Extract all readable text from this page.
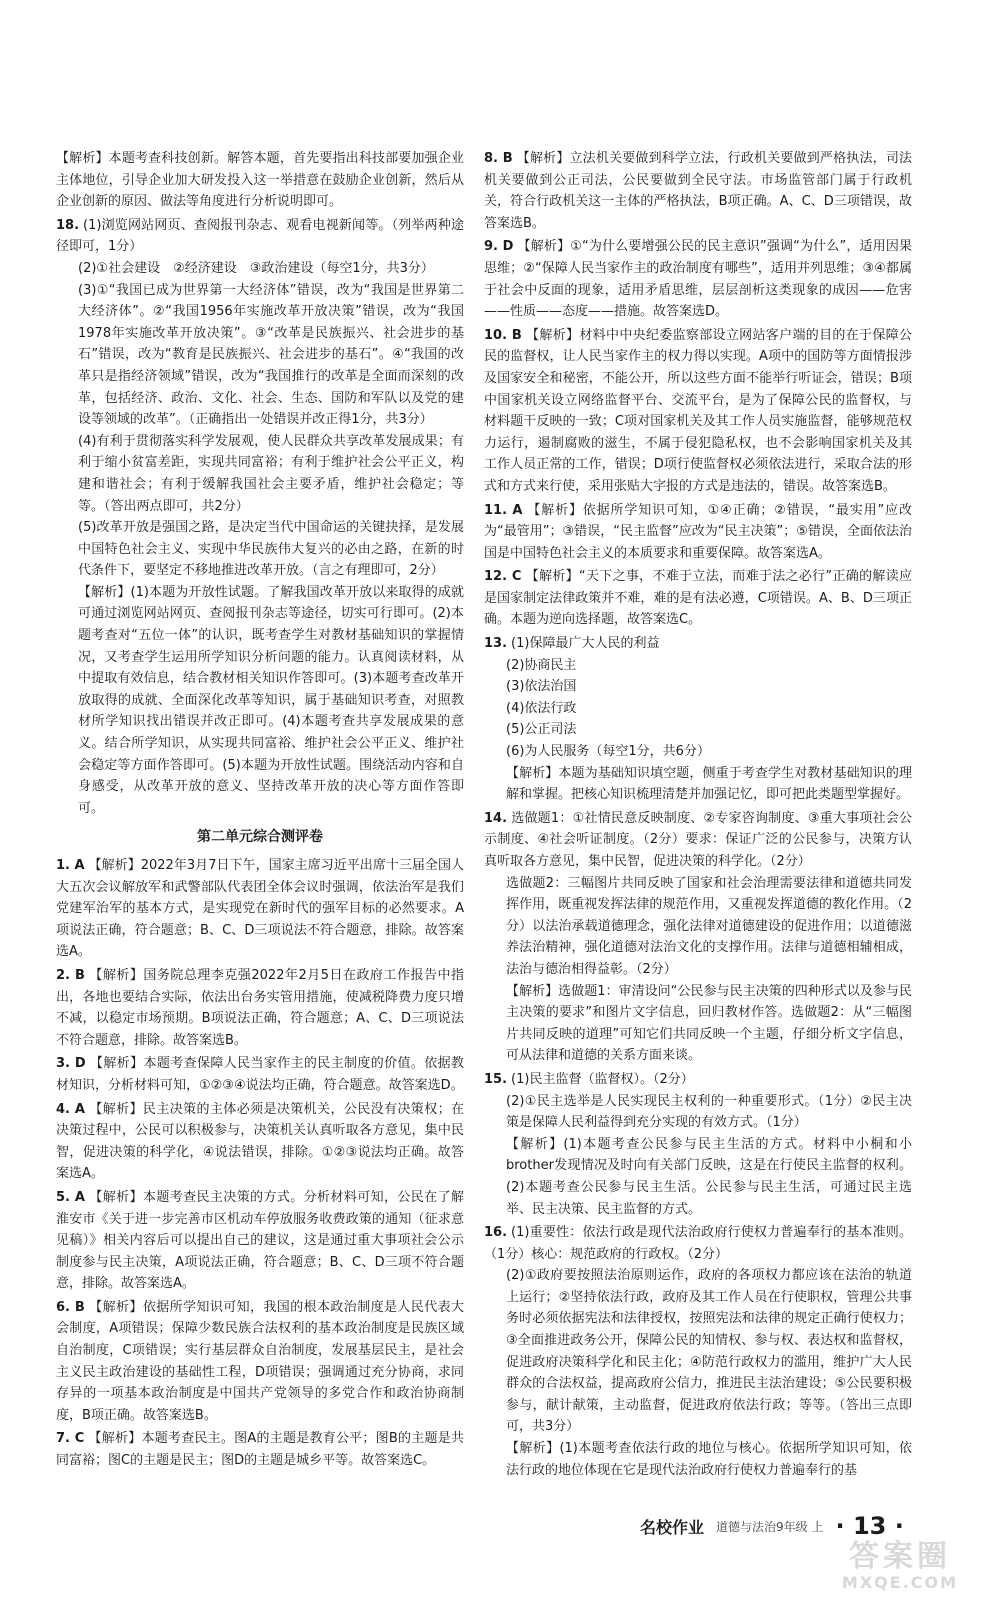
【解析】本题考查科技创新。解答本题，首先要指出科技部要加强企业主体地位，引导企业加大研发投入这一举措意在鼓励企业创新，然后从企业创新的原因、做法等角度进行分析说明即可。
18. (1)浏览网站网页、查阅报刊杂志、观看电视新闻等。（列举两种途径即可，1分）
(2)①社会建设　②经济建设　③政治建设（每空1分，共3分）
(3)①“我国已成为世界第一大经济体”错误，改为“我国是世界第二大经济体”。②“我国1956年实施改革开放决策”错误，改为“我国1978年实施改革开放决策”。③“改革是民族振兴、社会进步的基石”错误，改为“教育是民族振兴、社会进步的基石”。④“我国的改革只是指经济领域”错误，改为“我国推行的改革是全面而深刻的改革，包括经济、政治、文化、社会、生态、国防和军队以及党的建设等领域的改革”。（正确指出一处错误并改正得1分，共3分）
(4)有利于贯彻落实科学发展观，使人民群众共享改革发展成果；有利于缩小贫富差距，实现共同富裕；有利于维护社会公平正义，构建和谐社会；有利于缓解我国社会主要矛盾，维护社会稳定；等等。（答出两点即可，共2分）
(5)改革开放是强国之路，是决定当代中国命运的关键抉择，是发展中国特色社会主义、实现中华民族伟大复兴的必由之路，在新的时代条件下，要坚定不移地推进改革开放。（言之有理即可，2分）
【解析】(1)本题为开放性试题。了解我国改革开放以来取得的成就可通过浏览网站网页、查阅报刊杂志等途径，切实可行即可。(2)本题考查对“五位一体”的认识，既考查学生对教材基础知识的掌握情况，又考查学生运用所学知识分析问题的能力。认真阅读材料，从中提取有效信息，结合教材相关知识作答即可。(3)本题考查改革开放取得的成就、全面深化改革等知识，属于基础知识考查，对照教材所学知识找出错误并改正即可。(4)本题考查共享发展成果的意义。结合所学知识，从实现共同富裕、维护社会公平正义、维护社会稳定等方面作答即可。(5)本题为开放性试题。围绕活动内容和自身感受，从改革开放的意义、坚持改革开放的决心等方面作答即可。
第二单元综合测评卷
1. A 【解析】2022年3月7日下午，国家主席习近平出席十三届全国人大五次会议解放军和武警部队代表团全体会议时强调，依法治军是我们党建军治军的基本方式，是实现党在新时代的强军目标的必然要求。A项说法正确，符合题意；B、C、D三项说法不符合题意，排除。故答案选A。
2. B 【解析】国务院总理李克强2022年2月5日在政府工作报告中指出，各地也要结合实际，依法出台务实管用措施，使减税降费力度只增不减，以稳定市场预期。B项说法正确，符合题意；A、C、D三项说法不符合题意，排除。故答案选B。
3. D 【解析】本题考查保障人民当家作主的民主制度的价值。依据教材知识，分析材料可知，①②③④说法均正确，符合题意。故答案选D。
4. A 【解析】民主决策的主体必须是决策机关，公民没有决策权；在决策过程中，公民可以积极参与，决策机关认真听取各方意见，集中民智，促进决策的科学化，④说法错误，排除。①②③说法均正确。故答案选A。
5. A 【解析】本题考查民主决策的方式。分析材料可知，公民在了解淮安市《关于进一步完善市区机动车停放服务收费政策的通知（征求意见稿）》相关内容后可以提出自己的建议，这是通过重大事项社会公示制度参与民主决策，A项说法正确，符合题意；B、C、D三项不符合题意，排除。故答案选A。
6. B 【解析】依据所学知识可知，我国的根本政治制度是人民代表大会制度，A项错误；保障少数民族合法权利的基本政治制度是民族区域自治制度，C项错误；实行基层群众自治制度，发展基层民主，是社会主义民主政治建设的基础性工程，D项错误；强调通过充分协商，求同存异的一项基本政治制度是中国共产党领导的多党合作和政治协商制度，B项正确。故答案选B。
7. C 【解析】本题考查民主。图A的主题是教育公平；图B的主题是共同富裕；图C的主题是民主；图D的主题是城乡平等。故答案选C。
8. B 【解析】立法机关要做到科学立法，行政机关要做到严格执法，司法机关要做到公正司法，公民要做到全民守法。市场监管部门属于行政机关，符合行政机关这一主体的严格执法，B项正确。A、C、D三项错误，故答案选B。
9. D 【解析】①“为什么要增强公民的民主意识”强调“为什么”，适用因果思维；②“保障人民当家作主的政治制度有哪些”，适用并列思维；③④都属于社会中反面的现象，适用矛盾思维，层层剖析这类现象的成因——危害——性质——态度——措施。故答案选D。
10. B 【解析】材料中中央纪委监察部设立网站客户端的目的在于保障公民的监督权，让人民当家作主的权力得以实现。A项中的国防等方面情报涉及国家安全和秘密，不能公开，所以这些方面不能举行听证会，错误；B项中国家机关设立网络监督平台、交流平台，是为了保障公民的监督权，与材料题干反映的一致；C项对国家机关及其工作人员实施监督，能够规范权力运行，遏制腐败的滋生，不属于侵犯隐私权，也不会影响国家机关及其工作人员正常的工作，错误；D项行使监督权必须依法进行，采取合法的形式和方式来行使，采用张贴大字报的方式是违法的，错误。故答案选B。
11. A 【解析】依据所学知识可知，①④正确；②错误，“最实用”应改为“最管用”；③错误，“民主监督”应改为“民主决策”；⑤错误，全面依法治国是中国特色社会主义的本质要求和重要保障。故答案选A。
12. C 【解析】“天下之事，不难于立法，而难于法之必行”正确的解读应是国家制定法律政策并不难，难的是有法必遵，C项错误。A、B、D三项正确。本题为逆向选择题，故答案选C。
13. (1)保障最广大人民的利益
(2)协商民主
(3)依法治国
(4)依法行政
(5)公正司法
(6)为人民服务（每空1分，共6分）
【解析】本题为基础知识填空题，侧重于考查学生对教材基础知识的理解和掌握。把核心知识梳理清楚并加强记忆，即可把此类题型掌握好。
14. 选做题1：①社情民意反映制度、②专家咨询制度、③重大事项社会公示制度、④社会听证制度。（2分）要求：保证广泛的公民参与，决策方认真听取各方意见，集中民智，促进决策的科学化。（2分）
选做题2：三幅图片共同反映了国家和社会治理需要法律和道德共同发挥作用，既重视发挥法律的规范作用，又重视发挥道德的教化作用。（2分）以法治承载道德理念，强化法律对道德建设的促进作用；以道德滋养法治精神，强化道德对法治文化的支撑作用。法律与道德相辅相成，法治与德治相得益彰。（2分）
【解析】选做题1：审清设问“公民参与民主决策的四种形式以及参与民主决策的要求”和图片文字信息，回归教材作答。选做题2：从“三幅图片共同反映的道理”可知它们共同反映一个主题，仔细分析文字信息，可从法律和道德的关系方面来谈。
15. (1)民主监督（监督权）。（2分）
(2)①民主选举是人民实现民主权利的一种重要形式。（1分）②民主决策是保障人民利益得到充分实现的有效方式。（1分）
【解析】(1)本题考查公民参与民主生活的方式。材料中小桐和小brother发现情况及时向有关部门反映，这是在行使民主监督的权利。(2)本题考查公民参与民主生活。公民参与民主生活，可通过民主选举、民主决策、民主监督的方式。
16. (1)重要性：依法行政是现代法治政府行使权力普遍奉行的基本准则。（1分）核心：规范政府的行政权。（2分）
(2)①政府要按照法治原则运作，政府的各项权力都应该在法治的轨道上运行；②坚持依法行政，政府及其工作人员在行使职权，管理公共事务时必须依据宪法和法律授权，按照宪法和法律的规定正确行使权力；③全面推进政务公开，保障公民的知情权、参与权、表达权和监督权，促进政府决策科学化和民主化；④防范行政权力的滥用，维护广大人民群众的合法权益，提高政府公信力，推进民主法治建设；⑤公民要积极参与，献计献策，主动监督，促进政府依法行政；等等。（答出三点即可，共3分）
【解析】(1)本题考查依法行政的地位与核心。依据所学知识可知，依法行政的地位体现在它是现代法治政府行使权力普遍奉行的基
名校作业 道德与法治9年级 上 · 13 ·
答案圈
MXQE.COM
